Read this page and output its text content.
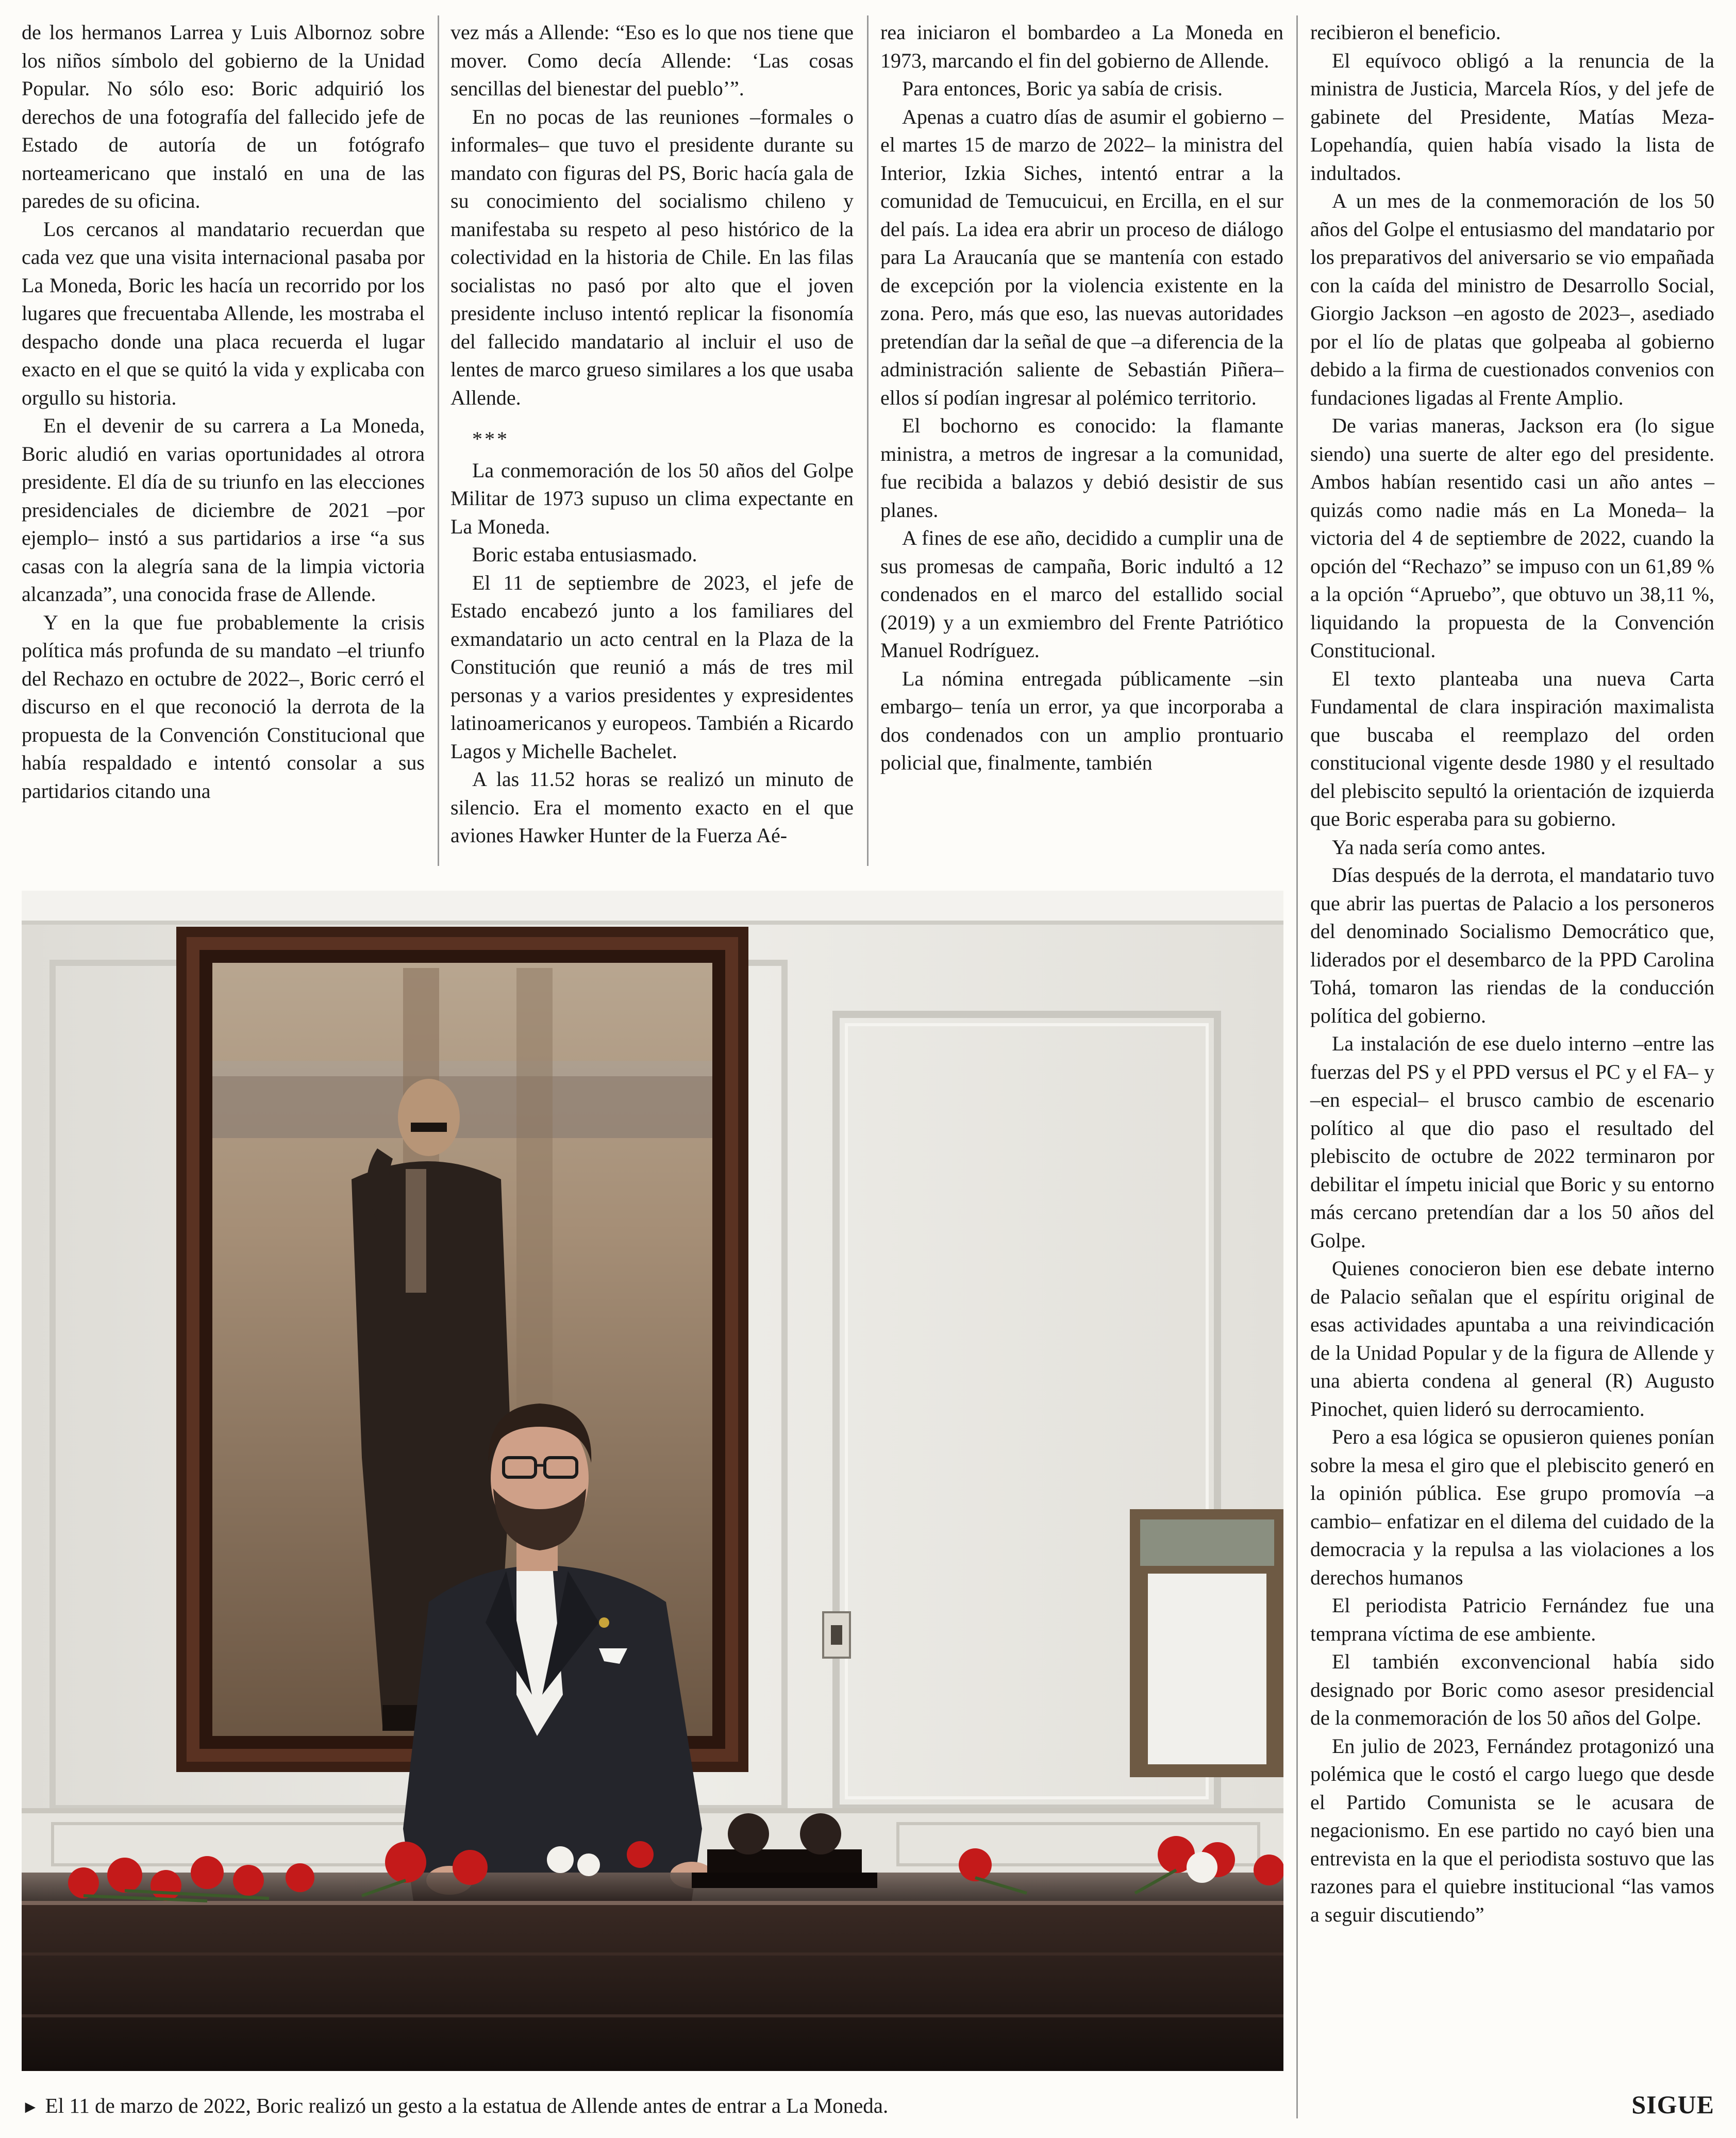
de los hermanos Larrea y Luis Albornoz sobre los niños símbolo del gobierno de la Unidad Popular. No sólo eso: Boric adquirió los derechos de una fotografía del fallecido jefe de Estado de autoría de un fotógrafo norteamericano que instaló en una de las paredes de su oficina.

Los cercanos al mandatario recuerdan que cada vez que una visita internacional pasaba por La Moneda, Boric les hacía un recorrido por los lugares que frecuentaba Allende, les mostraba el despacho donde una placa recuerda el lugar exacto en el que se quitó la vida y explicaba con orgullo su historia.

En el devenir de su carrera a La Moneda, Boric aludió en varias oportunidades al otrora presidente. El día de su triunfo en las elecciones presidenciales de diciembre de 2021 –por ejemplo– instó a sus partidarios a irse “a sus casas con la alegría sana de la limpia victoria alcanzada”, una conocida frase de Allende.

Y en la que fue probablemente la crisis política más profunda de su mandato –el triunfo del Rechazo en octubre de 2022–, Boric cerró el discurso en el que reconoció la derrota de la propuesta de la Convención Constitucional que había respaldado e intentó consolar a sus partidarios citando una

vez más a Allende: “Eso es lo que nos tiene que mover. Como decía Allende: ‘Las cosas sencillas del bienestar del pueblo’”.

En no pocas de las reuniones –formales o informales– que tuvo el presidente durante su mandato con figuras del PS, Boric hacía gala de su conocimiento del socialismo chileno y manifestaba su respeto al peso histórico de la colectividad en la historia de Chile. En las filas socialistas no pasó por alto que el joven presidente incluso intentó replicar la fisonomía del fallecido mandatario al incluir el uso de lentes de marco grueso similares a los que usaba Allende.

***

La conmemoración de los 50 años del Golpe Militar de 1973 supuso un clima expectante en La Moneda.

Boric estaba entusiasmado.

El 11 de septiembre de 2023, el jefe de Estado encabezó junto a los familiares del exmandatario un acto central en la Plaza de la Constitución que reunió a más de tres mil personas y a varios presidentes y expresidentes latinoamericanos y europeos. También a Ricardo Lagos y Michelle Bachelet.

A las 11.52 horas se realizó un minuto de silencio. Era el momento exacto en el que aviones Hawker Hunter de la Fuerza Aé-

rea iniciaron el bombardeo a La Moneda en 1973, marcando el fin del gobierno de Allende.

Para entonces, Boric ya sabía de crisis.

Apenas a cuatro días de asumir el gobierno –el martes 15 de marzo de 2022– la ministra del Interior, Izkia Siches, intentó entrar a la comunidad de Temucuicui, en Ercilla, en el sur del país. La idea era abrir un proceso de diálogo para La Araucanía que se mantenía con estado de excepción por la violencia existente en la zona. Pero, más que eso, las nuevas autoridades pretendían dar la señal de que –a diferencia de la administración saliente de Sebastián Piñera– ellos sí podían ingresar al polémico territorio.

El bochorno es conocido: la flamante ministra, a metros de ingresar a la comunidad, fue recibida a balazos y debió desistir de sus planes.

A fines de ese año, decidido a cumplir una de sus promesas de campaña, Boric indultó a 12 condenados en el marco del estallido social (2019) y a un exmiembro del Frente Patriótico Manuel Rodríguez.

La nómina entregada públicamente –sin embargo– tenía un error, ya que incorporaba a dos condenados con un amplio prontuario policial que, finalmente, también

recibieron el beneficio.

El equívoco obligó a la renuncia de la ministra de Justicia, Marcela Ríos, y del jefe de gabinete del Presidente, Matías Meza-Lopehandía, quien había visado la lista de indultados.

A un mes de la conmemoración de los 50 años del Golpe el entusiasmo del mandatario por los preparativos del aniversario se vio empañada con la caída del ministro de Desarrollo Social, Giorgio Jackson –en agosto de 2023–, asediado por el lío de platas que golpeaba al gobierno debido a la firma de cuestionados convenios con fundaciones ligadas al Frente Amplio.

De varias maneras, Jackson era (lo sigue siendo) una suerte de alter ego del presidente. Ambos habían resentido casi un año antes –quizás como nadie más en La Moneda– la victoria del 4 de septiembre de 2022, cuando la opción del “Rechazo” se impuso con un 61,89 % a la opción “Apruebo”, que obtuvo un 38,11 %, liquidando la propuesta de la Convención Constitucional.

El texto planteaba una nueva Carta Fundamental de clara inspiración maximalista que buscaba el reemplazo del orden constitucional vigente desde 1980 y el resultado del plebiscito sepultó la orientación de izquierda que Boric esperaba para su gobierno.

Ya nada sería como antes.

Días después de la derrota, el mandatario tuvo que abrir las puertas de Palacio a los personeros del denominado Socialismo Democrático que, liderados por el desembarco de la PPD Carolina Tohá, tomaron las riendas de la conducción política del gobierno.

La instalación de ese duelo interno –entre las fuerzas del PS y el PPD versus el PC y el FA– y –en especial– el brusco cambio de escenario político al que dio paso el resultado del plebiscito de octubre de 2022 terminaron por debilitar el ímpetu inicial que Boric y su entorno más cercano pretendían dar a los 50 años del Golpe.

Quienes conocieron bien ese debate interno de Palacio señalan que el espíritu original de esas actividades apuntaba a una reivindicación de la Unidad Popular y de la figura de Allende y una abierta condena al general (R) Augusto Pinochet, quien lideró su derrocamiento.

Pero a esa lógica se opusieron quienes ponían sobre la mesa el giro que el plebiscito generó en la opinión pública. Ese grupo promovía –a cambio– enfatizar en el dilema del cuidado de la democracia y la repulsa a las violaciones a los derechos humanos

El periodista Patricio Fernández fue una temprana víctima de ese ambiente.

El también exconvencional había sido designado por Boric como asesor presidencial de la conmemoración de los 50 años del Golpe.

En julio de 2023, Fernández protagonizó una polémica que le costó el cargo luego que desde el Partido Comunista se le acusara de negacionismo. En ese partido no cayó bien una entrevista en la que el periodista sostuvo que las razones para el quiebre institucional “las vamos a seguir discutiendo”

► El 11 de marzo de 2022, Boric realizó un gesto a la estatua de Allende antes de entrar a La Moneda.	SIGUE
